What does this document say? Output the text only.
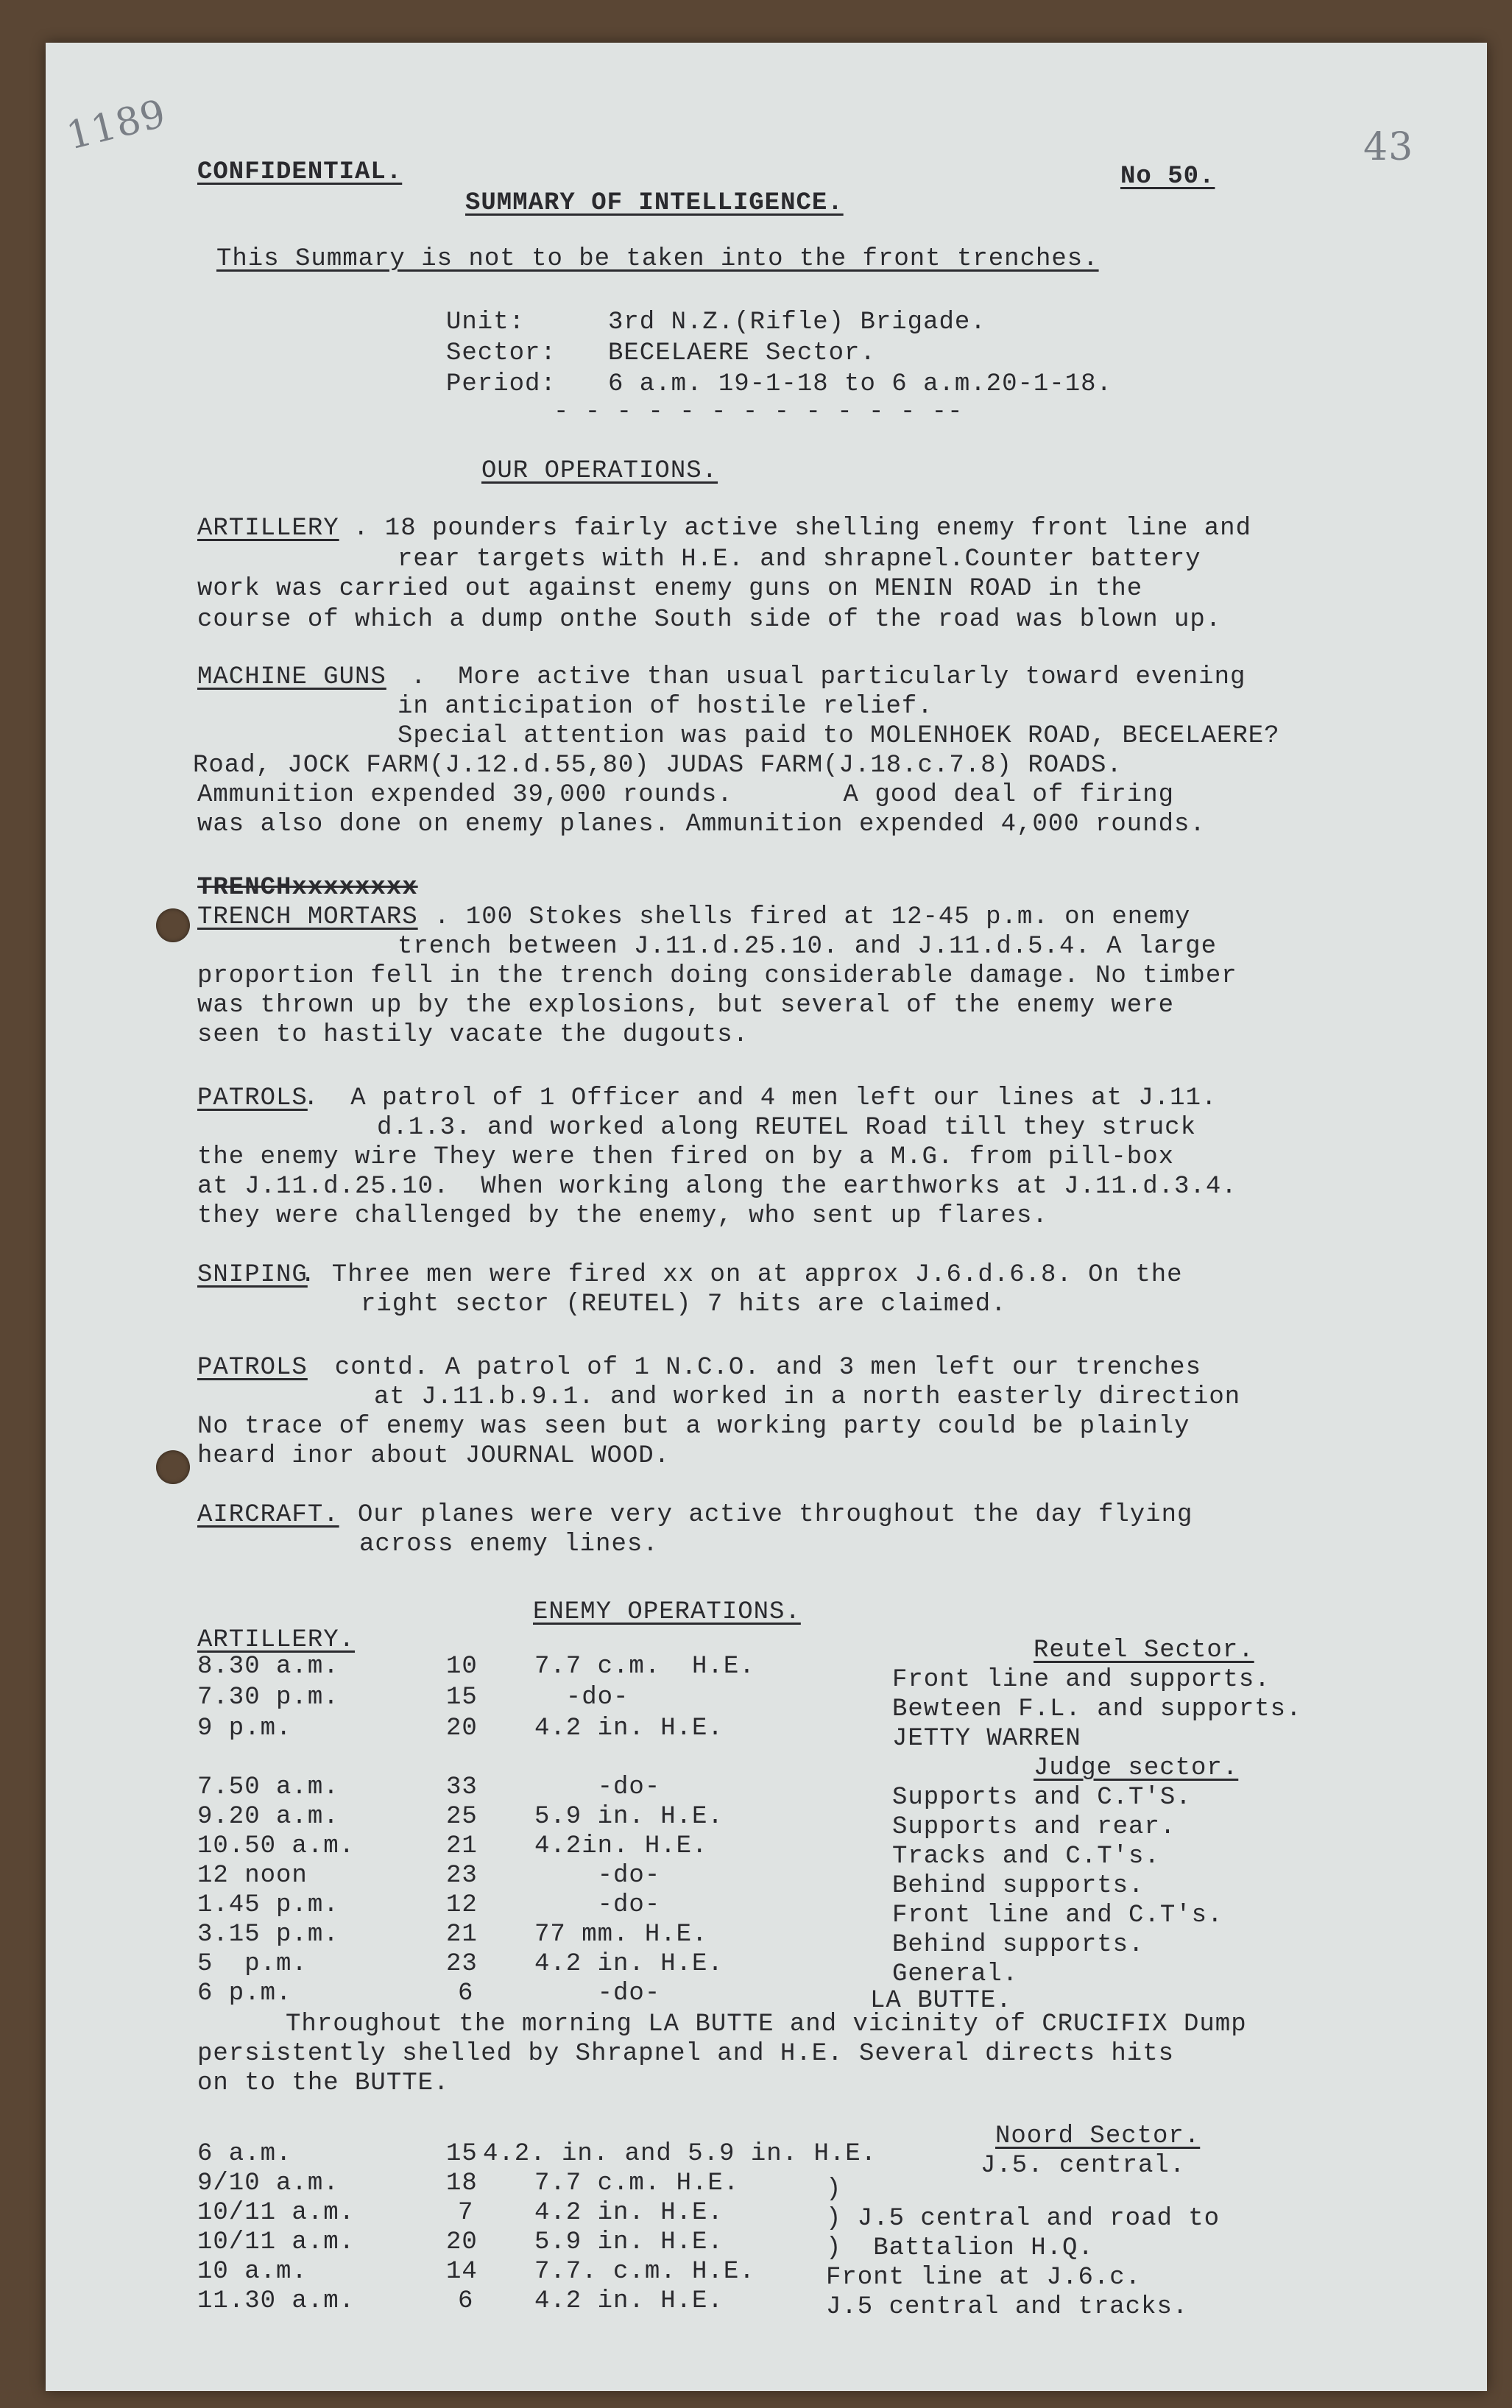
1189	43
CONFIDENTIAL.	No 50.
SUMMARY OF INTELLIGENCE.
This Summary is not to be taken into the front trenches.
Unit:	3rd N.Z.(Rifle) Brigade.
Sector: BECELAERE Sector.
Period: 6 a.m. 19-1-18 to 6 a.m.20-1-18.
- - - - - - - - - - - - --
OUR OPERATIONS.
ARTILLERY . 18 pounders fairly active shelling enemy front line and
rear targets with H.E. and shrapnel.Counter battery
work was carried out against enemy guns on MENIN ROAD in the
course of which a dump onthe South side of the road was blown up.
MACHINE GUNS .  More active than usual particularly toward evening
in anticipation of hostile relief.
Special attention was paid to MOLENHOEK ROAD, BECELAERE?
Road, JOCK FARM(J.12.d.55,80) JUDAS FARM(J.18.c.7.8) ROADS.
Ammunition expended 39,000 rounds.       A good deal of firing
was also done on enemy planes. Ammunition expended 4,000 rounds.
TRENCHxxxxxxxx
TRENCH MORTARS . 100 Stokes shells fired at 12-45 p.m. on enemy
trench between J.11.d.25.10. and J.11.d.5.4. A large
proportion fell in the trench doing considerable damage. No timber
was thrown up by the explosions, but several of the enemy were
seen to hastily vacate the dugouts.
PATROLS
.  A patrol of 1 Officer and 4 men left our lines at J.11.
d.1.3. and worked along REUTEL Road till they struck
the enemy wire They were then fired on by a M.G. from pill-box
at J.11.d.25.10.  When working along the earthworks at J.11.d.3.4.
they were challenged by the enemy, who sent up flares.
SNIPING
. Three men were fired xx on at approx J.6.d.6.8. On the
right sector (REUTEL) 7 hits are claimed.
PATROLS
contd. A patrol of 1 N.C.O. and 3 men left our trenches
at J.11.b.9.1. and worked in a north easterly direction
No trace of enemy was seen but a working party could be plainly
heard inor about JOURNAL WOOD.
AIRCRAFT. Our planes were very active throughout the day flying
across enemy lines.
ENEMY OPERATIONS.
ARTILLERY.	Reutel Sector.
8.30 a.m.	10 7.7 c.m.  H.E.	Front line and supports.
7.30 p.m.	15 -do-	Bewteen F.L. and supports.
9 p.m.	20 4.2 in. H.E.	JETTY WARREN
Judge sector.
7.50 a.m.	33 -do-	Supports and C.T'S.
9.20 a.m.	25 5.9 in. H.E.	Supports and rear.
10.50 a.m.	21 4.2in. H.E.	Tracks and C.T's.
12 noon	23 -do-	Behind supports.
1.45 p.m.	12 -do-	Front line and C.T's.
3.15 p.m.	21 77 mm. H.E.	Behind supports.
5  p.m.	23 4.2 in. H.E.	General.
6 p.m.	6 -do-	LA BUTTE.
Throughout the morning LA BUTTE and vicinity of CRUCIFIX Dump
persistently shelled by Shrapnel and H.E. Several directs hits
on to the BUTTE.
Noord Sector.
6 a.m.	15 4.2. in. and 5.9 in. H.E.	J.5. central.
9/10 a.m.	18 7.7 c.m. H.E.	)
10/11 a.m.	7 4.2 in. H.E.	) J.5 central and road to
10/11 a.m.	20 5.9 in. H.E.	)  Battalion H.Q.
10 a.m.	14 7.7. c.m. H.E.	Front line at J.6.c.
11.30 a.m.	6 4.2 in. H.E.	J.5 central and tracks.
